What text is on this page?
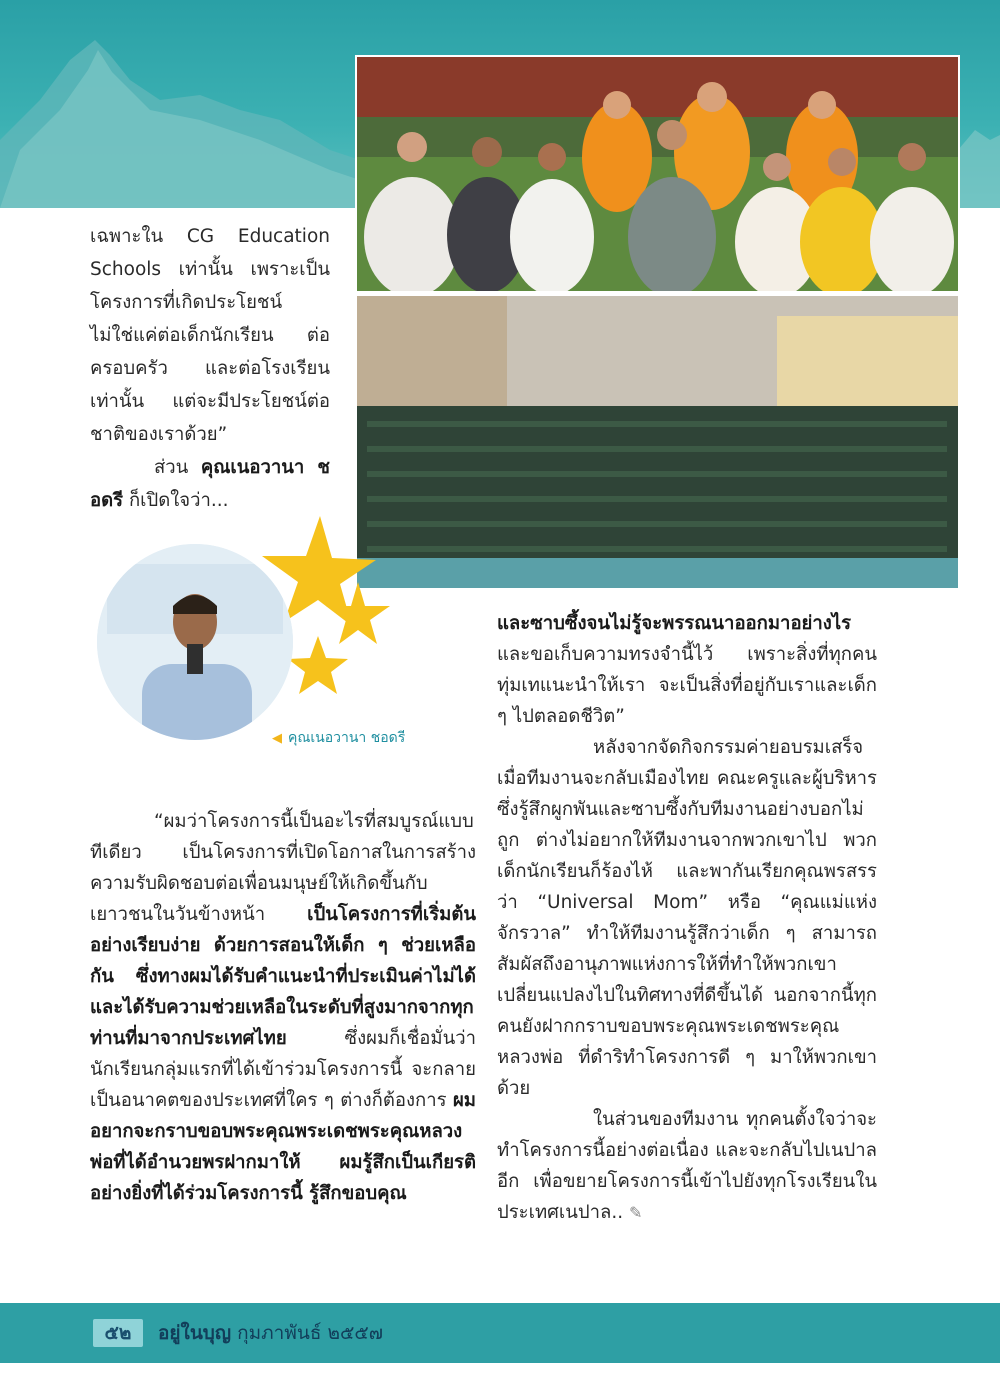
เฉพาะใน CG Education Schools เท่านั้น เพราะเป็นโครงการที่เกิดประโยชน์ ไม่ใช่แค่ต่อเด็กนักเรียน ต่อครอบครัว และต่อโรงเรียนเท่านั้น แต่จะมีประโยชน์ต่อชาติของเราด้วย”

ส่วน คุณเนอวานา ชอดรี ก็เปิดใจว่า...

◀ คุณเนอวานา ชอดรี

“ผมว่าโครงการนี้เป็นอะไรที่สมบูรณ์แบบทีเดียว เป็นโครงการที่เปิดโอกาสในการสร้างความรับผิดชอบต่อเพื่อนมนุษย์ให้เกิดขึ้นกับเยาวชนในวันข้างหน้า เป็นโครงการที่เริ่มต้นอย่างเรียบง่าย ด้วยการสอนให้เด็ก ๆ ช่วยเหลือกัน ซึ่งทางผมได้รับคำแนะนำที่ประเมินค่าไม่ได้ และได้รับความช่วยเหลือในระดับที่สูงมากจากทุกท่านที่มาจากประเทศไทย ซึ่งผมก็เชื่อมั่นว่า นักเรียนกลุ่มแรกที่ได้เข้าร่วมโครงการนี้ จะกลายเป็นอนาคตของประเทศที่ใคร ๆ ต่างก็ต้องการ ผมอยากจะกราบขอบพระคุณพระเดชพระคุณหลวงพ่อที่ได้อำนวยพรฝากมาให้ ผมรู้สึกเป็นเกียรติอย่างยิ่งที่ได้ร่วมโครงการนี้ รู้สึกขอบคุณ

และซาบซึ้งจนไม่รู้จะพรรณนาออกมาอย่างไร และขอเก็บความทรงจำนี้ไว้ เพราะสิ่งที่ทุกคนทุ่มเทแนะนำให้เรา จะเป็นสิ่งที่อยู่กับเราและเด็ก ๆ ไปตลอดชีวิต”

หลังจากจัดกิจกรรมค่ายอบรมเสร็จ เมื่อทีมงานจะกลับเมืองไทย คณะครูและผู้บริหารซึ่งรู้สึกผูกพันและซาบซึ้งกับทีมงานอย่างบอกไม่ถูก ต่างไม่อยากให้ทีมงานจากพวกเขาไป พวกเด็กนักเรียนก็ร้องไห้ และพากันเรียกคุณพรสรรว่า “Universal Mom” หรือ “คุณแม่แห่งจักรวาล” ทำให้ทีมงานรู้สึกว่าเด็ก ๆ สามารถสัมผัสถึงอานุภาพแห่งการให้ที่ทำให้พวกเขาเปลี่ยนแปลงไปในทิศทางที่ดีขึ้นได้ นอกจากนี้ทุกคนยังฝากกราบขอบพระคุณพระเดชพระคุณหลวงพ่อ ที่ดำริทำโครงการดี ๆ มาให้พวกเขาด้วย

ในส่วนของทีมงาน ทุกคนตั้งใจว่าจะทำโครงการนี้อย่างต่อเนื่อง และจะกลับไปเนปาลอีก เพื่อขยายโครงการนี้เข้าไปยังทุกโรงเรียนในประเทศเนปาล.. ✎

๕๒	อยู่ในบุญ กุมภาพันธ์ ๒๕๕๗
